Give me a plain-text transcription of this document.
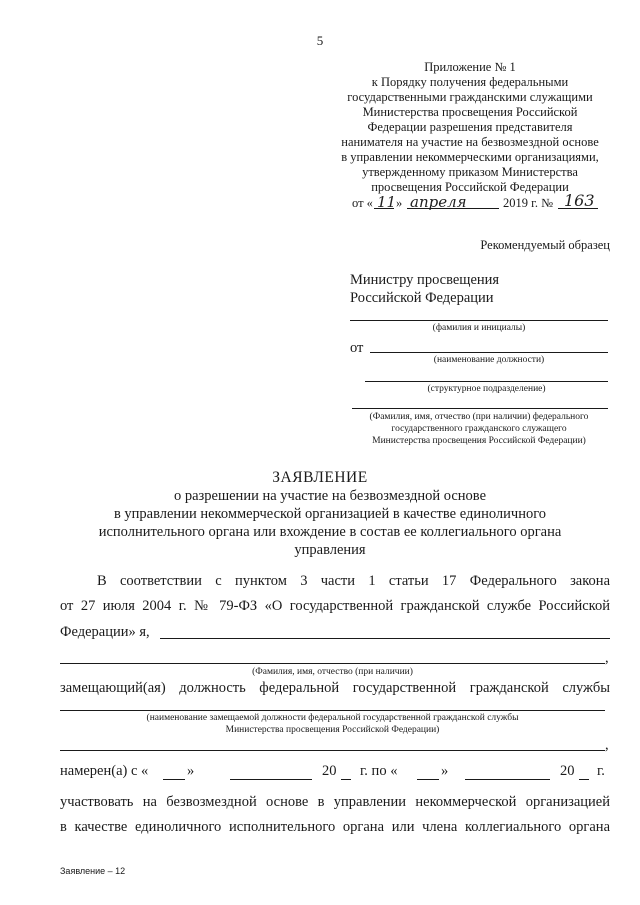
5
Приложение № 1
к Порядку получения федеральными
государственными гражданскими служащими
Министерства просвещения Российской
Федерации разрешения представителя
нанимателя на участие на безвозмездной основе
в управлении некоммерческими организациями,
утвержденному приказом Министерства
просвещения Российской Федерации
от « 11 » апреля	2019 г. № 163
Рекомендуемый образец
Министру просвещения
Российской Федерации
(фамилия и инициалы)
от
(наименование должности)
(структурное подразделение)
(Фамилия, имя, отчество (при наличии) федерального
государственного гражданского служащего
Министерства просвещения Российской Федерации)
ЗАЯВЛЕНИЕ
о разрешении на участие на безвозмездной основе
в управлении некоммерческой организацией в качестве единоличного
исполнительного органа или вхождение в состав ее коллегиального органа
управления
В соответствии с пунктом 3 части 1 статьи 17 Федерального закона
от 27 июля 2004 г. № 79-ФЗ «О государственной гражданской службе Российской
Федерации» я,
,
(Фамилия, имя, отчество (при наличии)
замещающий(ая) должность федеральной государственной гражданской службы
(наименование замещаемой должности федеральной государственной гражданской службы
Министерства просвещения Российской Федерации)
,
намерен(а) с «	»	20 г. по «	»	20 г.
участвовать на безвозмездной основе в управлении некоммерческой организацией
в качестве единоличного исполнительного органа или члена коллегиального органа
Заявление – 12
